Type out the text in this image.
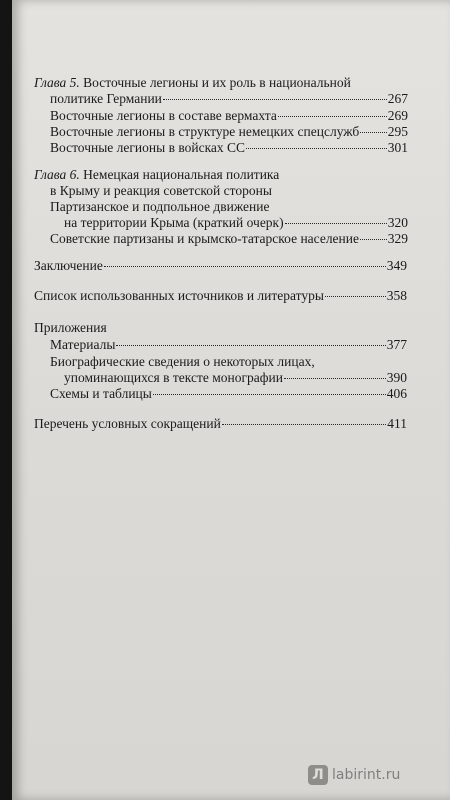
Глава 5. Восточные легионы и их роль в национальной
политике Германии	267
Восточные легионы в составе вермахта	269
Восточные легионы в структуре немецких спецслужб 295
Восточные легионы в войсках СС	301
Глава 6. Немецкая национальная политика
в Крыму и реакция советской стороны
Партизанское и подпольное движение
на территории Крыма (краткий очерк)	320
Советские партизаны и крымско-татарское население 329
Заключение	349
Список использованных источников и литературы	358
Приложения
Материалы	377
Биографические сведения о некоторых лицах,
упоминающихся в тексте монографии	390
Схемы и таблицы	406
Перечень условных сокращений	411
Л labirint.ru
